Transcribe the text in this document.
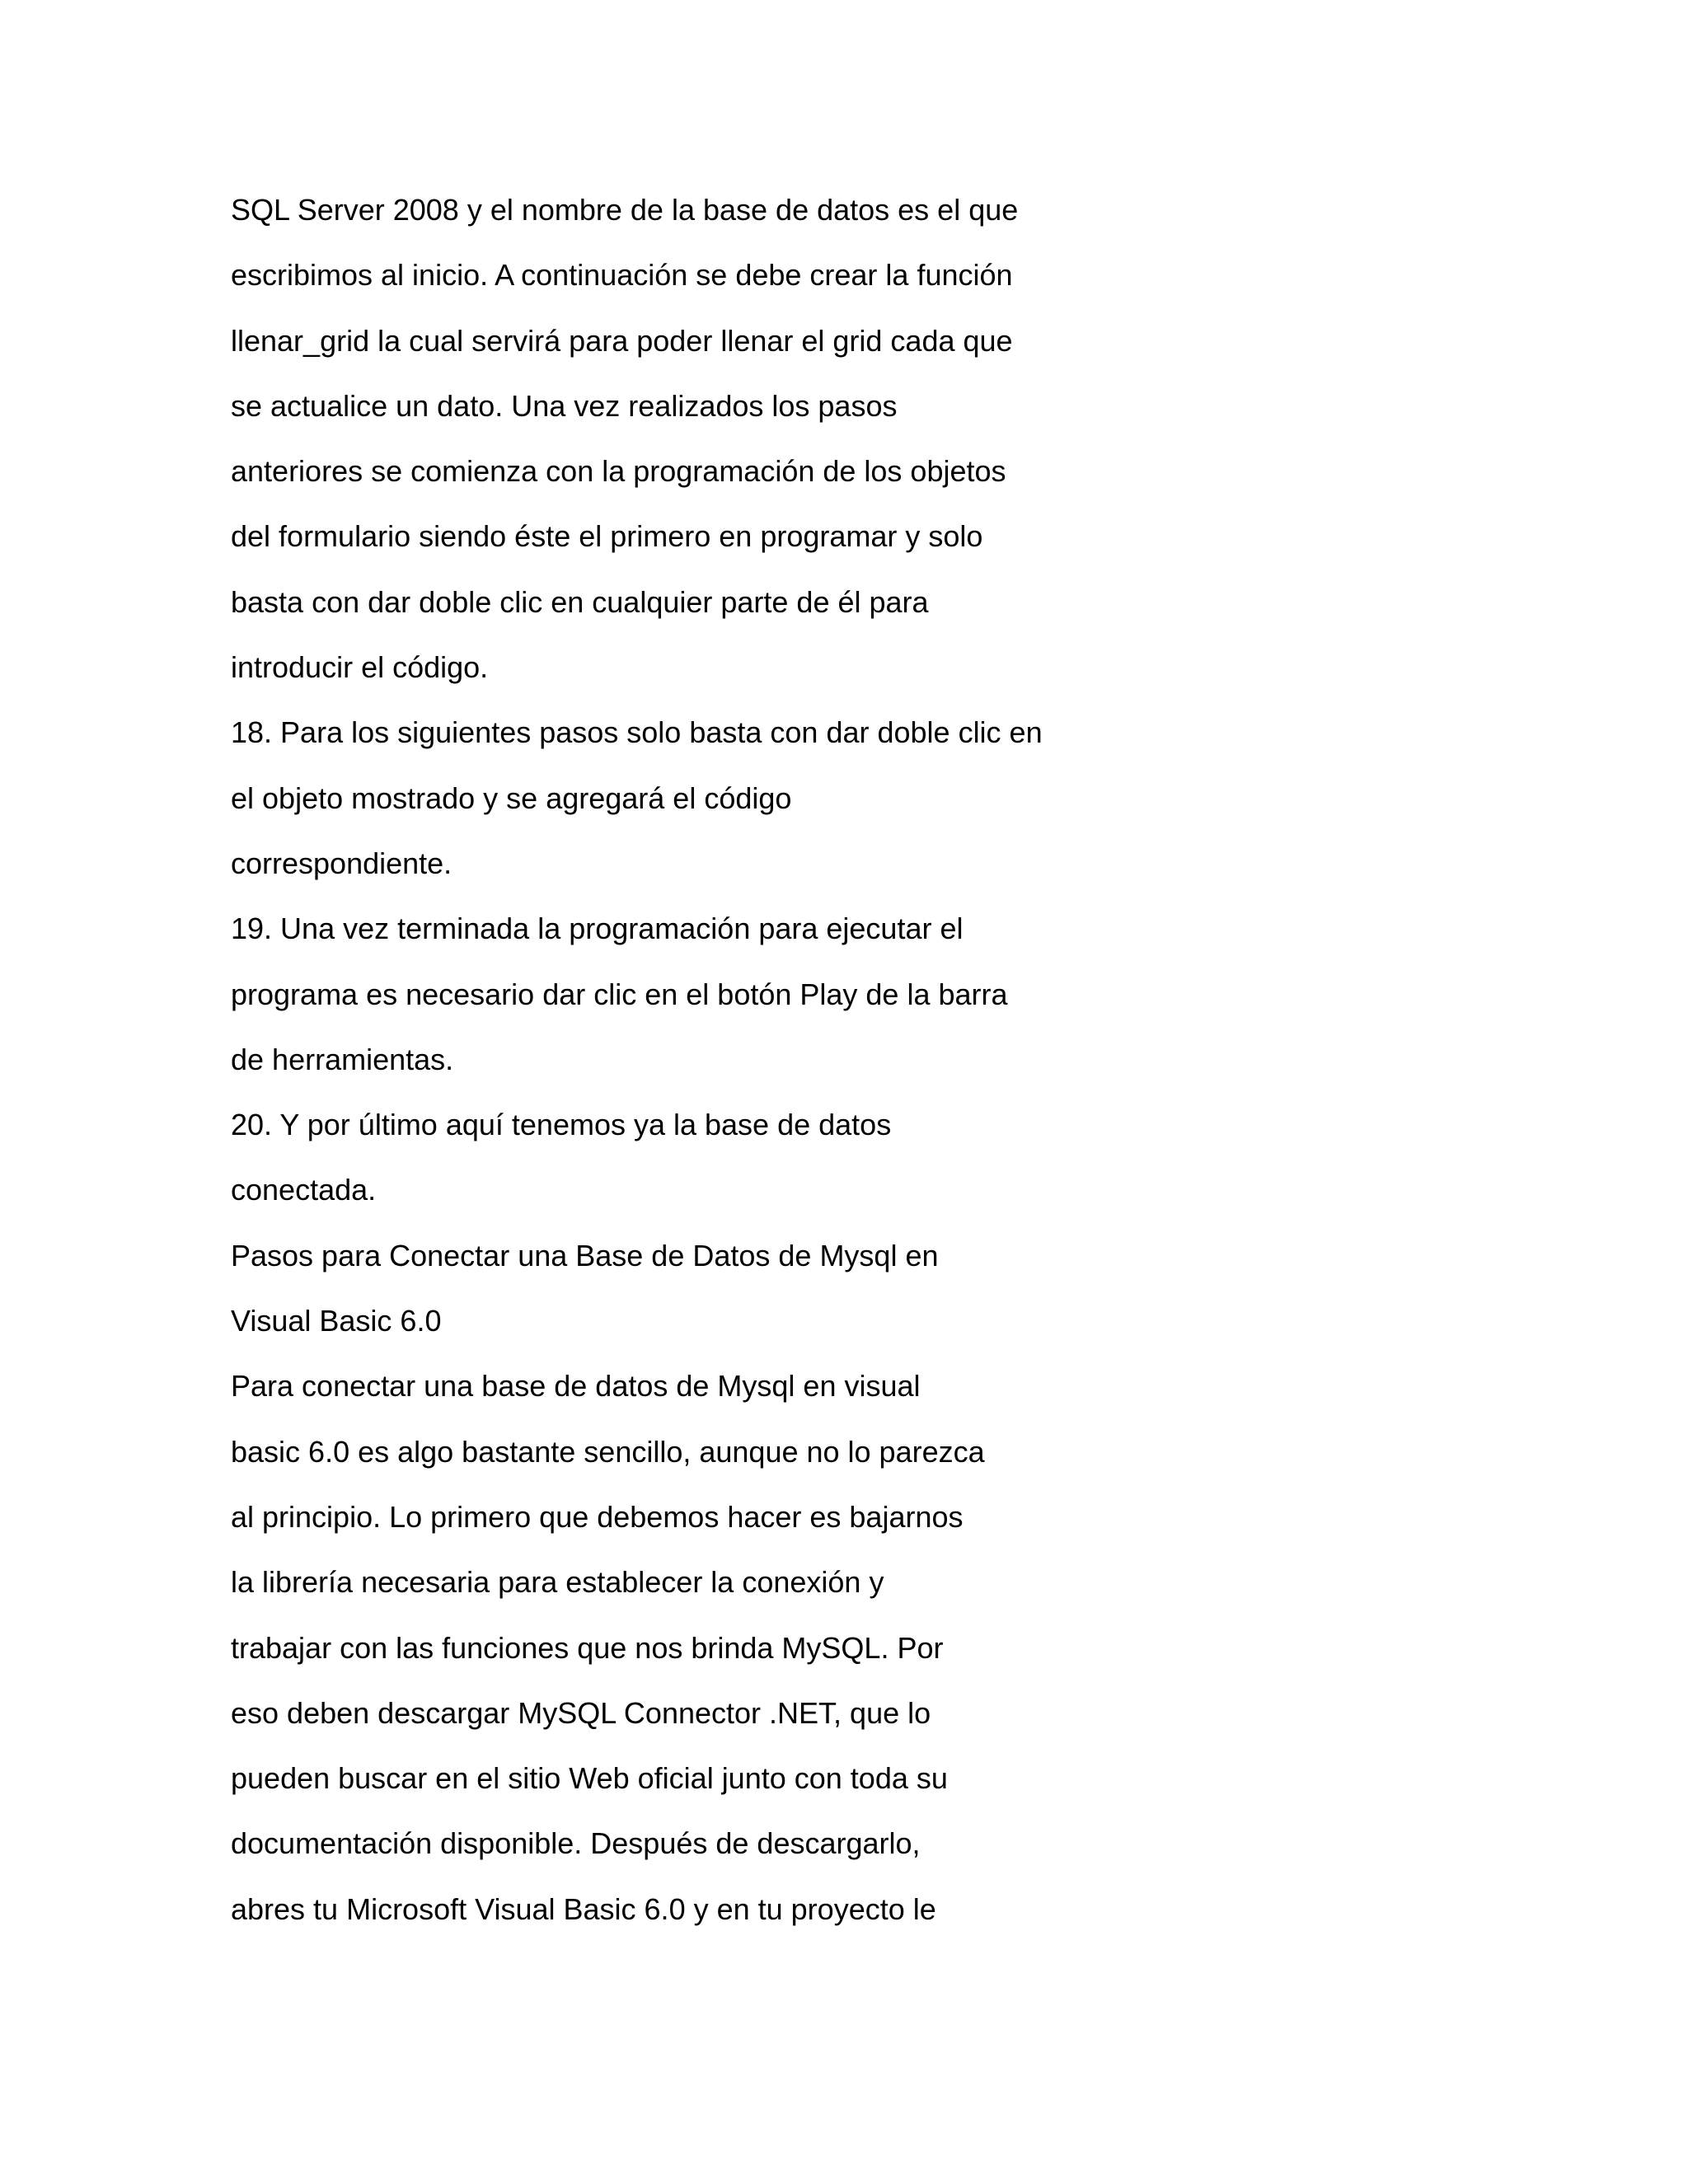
SQL Server 2008 y el nombre de la base de datos es el que
escribimos al inicio. A continuación se debe crear la función
llenar_grid la cual servirá para poder llenar el grid cada que
se actualice un dato. Una vez realizados los pasos
anteriores se comienza con la programación de los objetos
del formulario siendo éste el primero en programar y solo
basta con dar doble clic en cualquier parte de él para
introducir el código.
18. Para los siguientes pasos solo basta con dar doble clic en
el objeto mostrado y se agregará el código
correspondiente.
19. Una vez terminada la programación para ejecutar el
programa es necesario dar clic en el botón Play de la barra
de herramientas.
20. Y por último aquí tenemos ya la base de datos
conectada.
Pasos para Conectar una Base de Datos de Mysql en
Visual Basic 6.0
Para conectar una base de datos de Mysql en visual
basic 6.0 es algo bastante sencillo, aunque no lo parezca
al principio. Lo primero que debemos hacer es bajarnos
la librería necesaria para establecer la conexión y
trabajar con las funciones que nos brinda MySQL. Por
eso deben descargar MySQL Connector .NET, que lo
pueden buscar en el sitio Web oficial junto con toda su
documentación disponible. Después de descargarlo,
abres tu Microsoft Visual Basic 6.0 y en tu proyecto le
